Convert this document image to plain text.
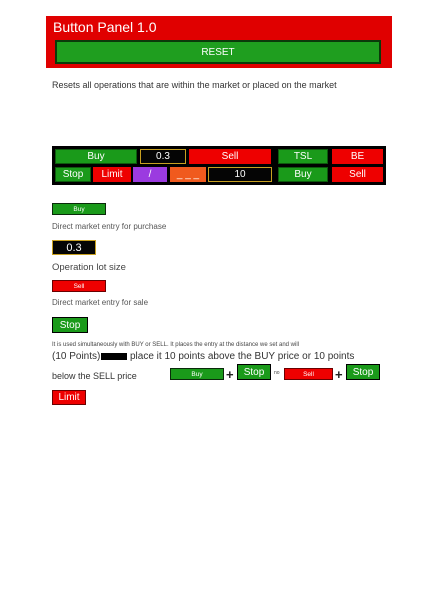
Button Panel 1.0
RESET
Resets all operations that are within the market or placed on the market
Buy	0.3	Sell	TSL	BE
Stop	Limit	/	_ _ _	10	Buy	Sell
Buy
Direct market entry for purchase
0.3
Operation lot size
Sell
Direct market entry for sale
Stop
It is used simultaneously with BUY or SELL. It places the entry at the distance we set and will
(10 Points)	place it 10 points above the BUY price or 10 points
below the SELL price	Buy	+	Stop	no	Sell	+	Stop
Limit
